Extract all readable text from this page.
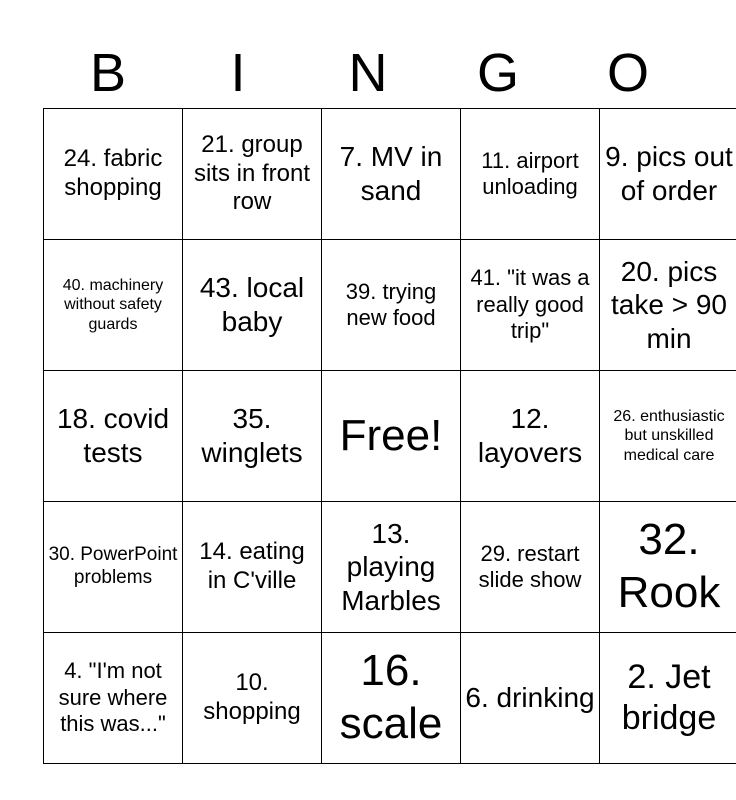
B	I	N	G	O
24. fabric shopping	21. group sits in front row	7. MV in sand	11. airport unloading	9. pics out of order
40. machinery without safety guards	43. local baby	39. trying new food	41. "it was a really good trip"	20. pics take > 90 min
18. covid tests	35. winglets	Free!	12. layovers	26. enthusiastic but unskilled medical care
30. PowerPoint problems	14. eating in C'ville	13. playing Marbles	29. restart slide show	32. Rook
4. "I'm not sure where this was..."	10. shopping	16. scale	6. drinking	2. Jet bridge
